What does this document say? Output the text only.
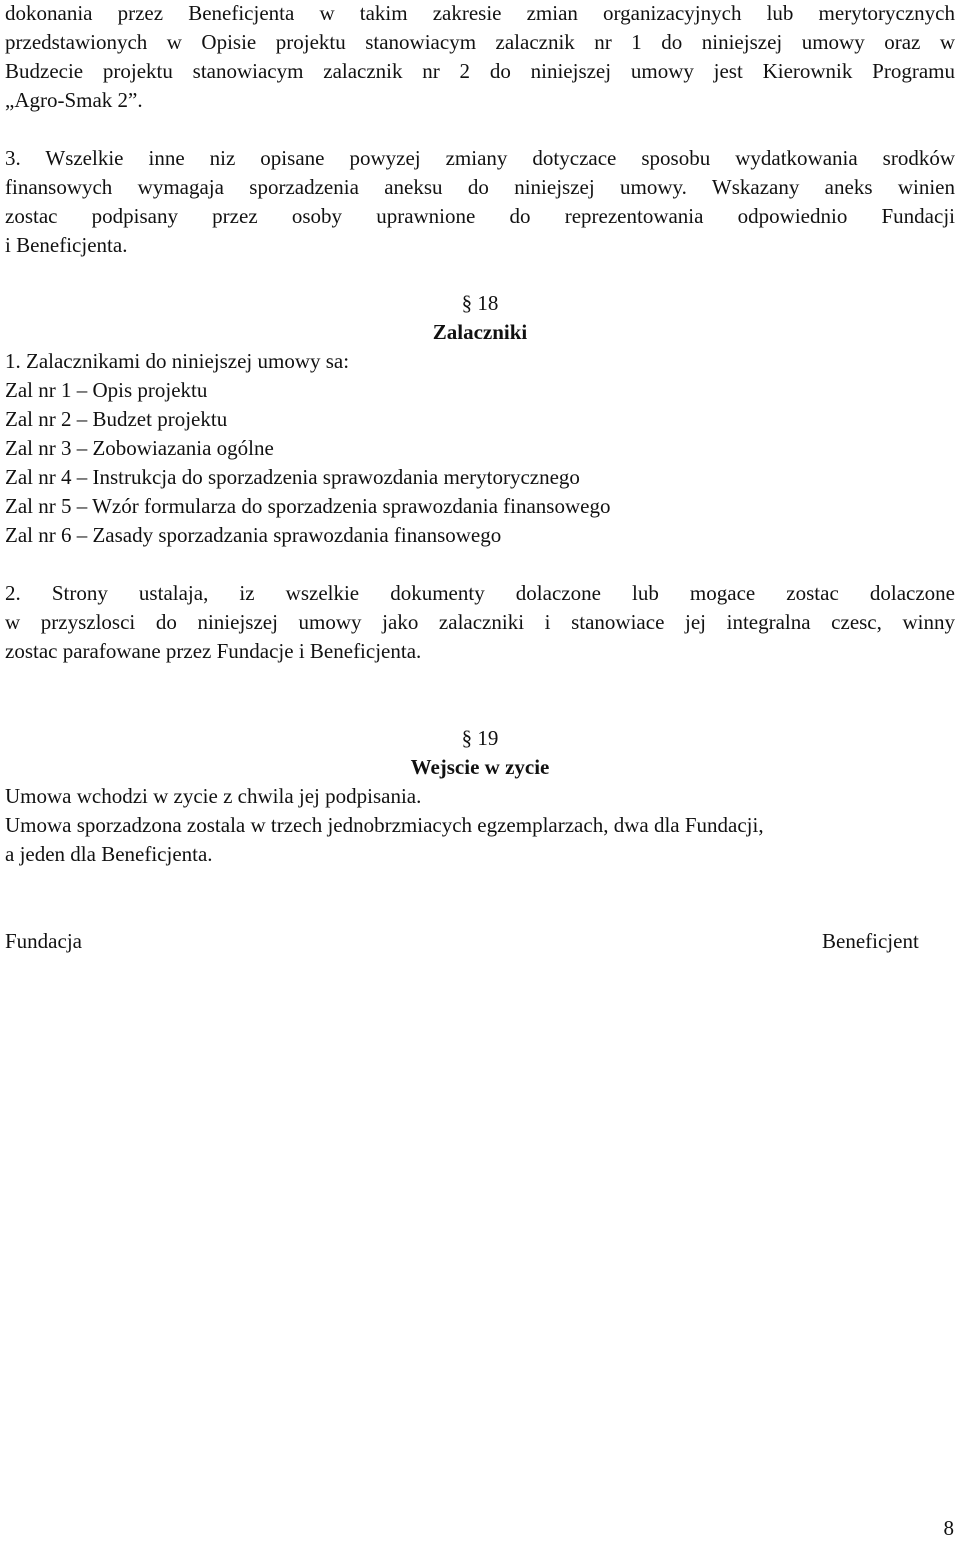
dokonania przez Beneficjenta w takim zakresie zmian organizacyjnych lub merytorycznych
przedstawionych w Opisie projektu stanowiacym zalacznik nr 1 do niniejszej umowy oraz w
Budzecie projektu stanowiacym zalacznik nr 2 do niniejszej umowy jest Kierownik Programu
„Agro-Smak 2”.
3. Wszelkie inne niz opisane powyzej zmiany dotyczace sposobu wydatkowania srodków
finansowych wymagaja sporzadzenia aneksu do niniejszej umowy. Wskazany aneks winien
zostac podpisany przez osoby uprawnione do reprezentowania odpowiednio Fundacji
i Beneficjenta.
§ 18
Zalaczniki
1. Zalacznikami do niniejszej umowy sa:
Zal nr 1 – Opis projektu
Zal nr 2 – Budzet projektu
Zal nr 3 – Zobowiazania ogólne
Zal nr 4 – Instrukcja do sporzadzenia sprawozdania merytorycznego
Zal nr 5 – Wzór formularza do sporzadzenia sprawozdania finansowego
Zal nr 6 – Zasady sporzadzania sprawozdania finansowego
2. Strony ustalaja, iz wszelkie dokumenty dolaczone lub mogace zostac dolaczone
w przyszlosci do niniejszej umowy jako zalaczniki i stanowiace jej integralna czesc, winny
zostac parafowane przez Fundacje i Beneficjenta.
§ 19
Wejscie w zycie
Umowa wchodzi w zycie z chwila jej podpisania.
Umowa sporzadzona zostala w trzech jednobrzmiacych egzemplarzach, dwa dla Fundacji,
a jeden dla Beneficjenta.
Fundacja	Beneficjent
8
